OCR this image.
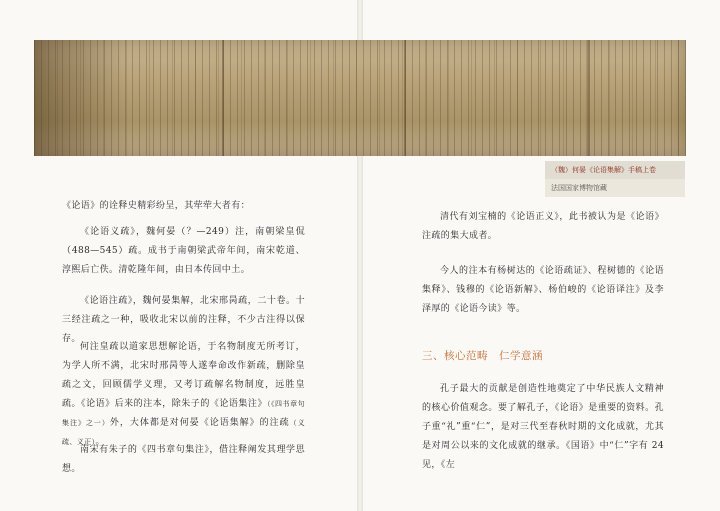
（魏）何晏《论语集解》手稿上卷
法国国家博物馆藏

《论语》的诠释史精彩纷呈，其荦荦大者有：

《论语义疏》，魏何晏（？—249）注，南朝梁皇侃（488—545）疏。成书于南朝梁武帝年间，南宋乾道、淳熙后亡佚。清乾隆年间，由日本传回中土。

《论语注疏》，魏何晏集解，北宋邢昺疏，二十卷。十三经注疏之一种，吸收北宋以前的注释，不少古注得以保存。

何注皇疏以道家思想解论语，于名物制度无所考订，为学人所不满，北宋时邢昺等人遂奉命改作新疏，删除皇疏之文，回顾儒学义理，又考订疏解名物制度，远胜皇疏。《论语》后来的注本，除朱子的《论语集注》（《四书章句集注》之一）外，大体都是对何晏《论语集解》的注疏（义疏、义正）。

南宋有朱子的《四书章句集注》，借注释阐发其理学思想。

清代有刘宝楠的《论语正义》，此书被认为是《论语》注疏的集大成者。

今人的注本有杨树达的《论语疏证》、程树德的《论语集释》、钱穆的《论语新解》、杨伯峻的《论语译注》及李泽厚的《论语今读》等。

三、核心范畴　仁学意涵

孔子最大的贡献是创造性地奠定了中华民族人文精神的核心价值观念。要了解孔子，《论语》是重要的资料。孔子重“礼”重“仁”，是对三代至春秋时期的文化成就，尤其是对周公以来的文化成就的继承。《国语》中“仁”字有 24 见，《左
